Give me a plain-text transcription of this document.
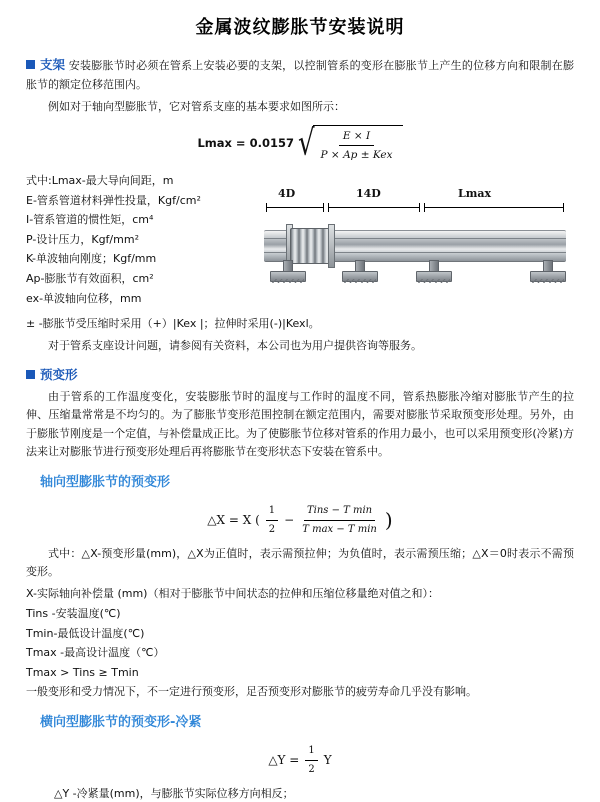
金属波纹膨胀节安装说明

支架 安装膨胀节时必须在管系上安装必要的支架，以控制管系的变形在膨胀节上产生的位移方向和限制在膨胀节的额定位移范围内。

例如对于轴向型膨胀节，它对管系支座的基本要求如图所示：

Lmax = 0.0157 √ $\frac{E \times I}{\text{P × Ap ± Kex}}$
式中:Lmax-最大导向间距，m
E-管系管道材料弹性投量，Kgf/cm²
I-管系管道的惯性矩，cm⁴
P-设计压力，Kgf/mm²
K-单波轴向刚度；Kgf/mm
Ap-膨胀节有效面积，cm²
ex-单波轴向位移，mm
4D	14D	Lmax
± -膨胀节受压缩时采用（+）|Kex |；拉伸时采用(-)|Kexl。

对于管系支座设计问题，请参阅有关资料，本公司也为用户提供咨询等服务。

预变形

由于管系的工作温度变化，安装膨胀节时的温度与工作时的温度不同，管系热膨胀冷缩对膨胀节产生的拉伸、压缩量常常是不均匀的。为了膨胀节变形范围控制在额定范围内，需要对膨胀节采取预变形处理。另外，由于膨胀节刚度是一个定值，与补偿量成正比。为了使膨胀节位移对管系的作用力最小，也可以采用预变形(冷紧)方法来让对膨胀节进行预变形处理后再将膨胀节在变形状态下安装在管系中。

轴向型膨胀节的预变形
△X = X ( $\frac{1}{2} - \frac{\text{Tins − T min}}{\text{T max − T min}}$ )

式中：△X-预变形量(mm)，△X为正值时，表示需预拉伸；为负值时，表示需预压缩；△X＝0时表示不需预变形。

X-实际轴向补偿量 (mm)（相对于膨胀节中间状态的拉伸和压缩位移量绝对值之和）：
Tins -安装温度(℃)
Tmin-最低设计温度(℃)
Tmax -最高设计温度（℃）
Tmax > Tins ≥ Tmin
一般变形和受力情况下，不一定进行预变形，足否预变形对膨胀节的疲劳寿命几乎没有影响。
横向型膨胀节的预变形-冷紧
△Y = $\frac{1}{2}$ Y
△Y -冷紧量(mm)，与膨胀节实际位移方向相反；
